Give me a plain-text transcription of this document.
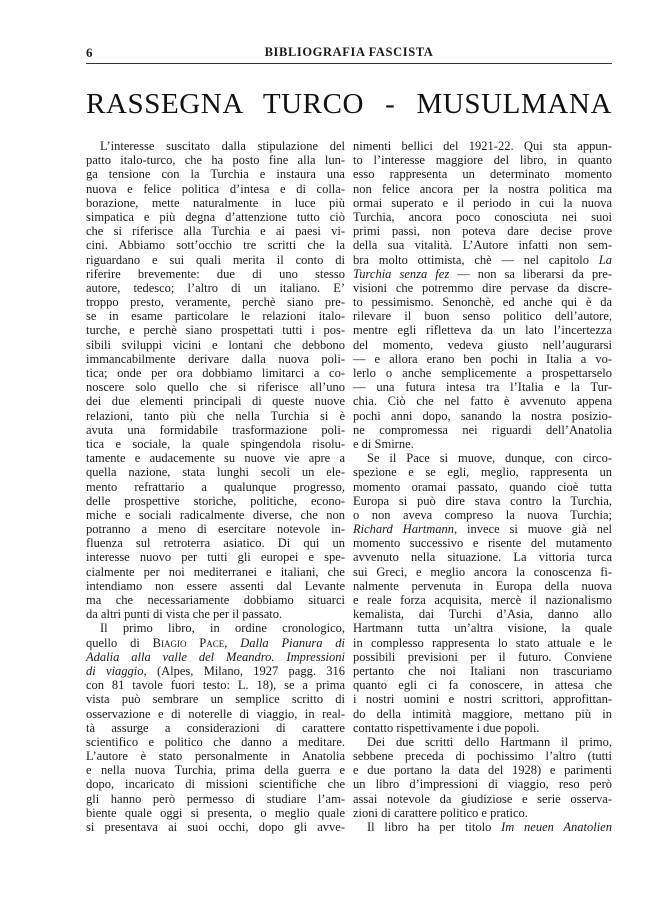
6	BIBLIOGRAFIA FASCISTA
RASSEGNA TURCO - MUSULMANA
L’interesse suscitato dalla stipulazione del
patto italo-turco, che ha posto fine alla lun-
ga tensione con la Turchia e instaura una
nuova e felice politica d’intesa e di colla-
borazione, mette naturalmente in luce più
simpatica e più degna d’attenzione tutto ciò
che si riferisce alla Turchia e ai paesi vi-
cini. Abbiamo sott’occhio tre scritti che la
riguardano e sui quali merita il conto di
riferire brevemente: due di uno stesso
autore, tedesco; l’altro di un italiano. E’
troppo presto, veramente, perchè siano pre-
se in esame particolare le relazioni italo-
turche, e perchè siano prospettati tutti i pos-
sibili sviluppi vicini e lontani che debbono
immancabilmente derivare dalla nuova poli-
tica; onde per ora dobbiamo limitarci a co-
noscere solo quello che si riferisce all’uno
dei due elementi principali di queste nuove
relazioni, tanto più che nella Turchia si è
avuta una formidabile trasformazione poli-
tica e sociale, la quale spingendola risolu-
tamente e audacemente su nuove vie apre a
quella nazione, stata lunghi secoli un ele-
mento refrattario a qualunque progresso,
delle prospettive storiche, politiche, econo-
miche e sociali radicalmente diverse, che non
potranno a meno di esercitare notevole in-
fluenza sul retroterra asiatico. Di qui un
interesse nuovo per tutti gli europei e spe-
cialmente per noi mediterranei e italiani, che
intendiamo non essere assenti dal Levante
ma che necessariamente dobbiamo situarci
da altri punti di vista che per il passato.
Il primo libro, in ordine cronologico,
quello di Biagio Pace, Dalla Pianura di
Adalia alla valle del Meandro. Impressioni
di viaggio, (Alpes, Milano, 1927 pagg. 316
con 81 tavole fuori testo: L. 18), se a prima
vista può sembrare un semplice scritto di
osservazione e di noterelle di viaggio, in real-
tà assurge a considerazioni di carattere
scientifico e politico che danno a meditare.
L’autore è stato personalmente in Anatolia
e nella nuova Turchia, prima della guerra e
dopo, incaricato di missioni scientifiche che
gli hanno però permesso di studiare l’am-
biente quale oggi si presenta, o meglio quale
si presentava ai suoi occhi, dopo gli avve-
nimenti bellici del 1921-22. Qui sta appun-
to l’interesse maggiore del libro, in quanto
esso rappresenta un determinato momento
non felice ancora per la nostra politica ma
ormai superato e il periodo in cui la nuova
Turchia, ancora poco conosciuta nei suoi
primi passi, non poteva dare decise prove
della sua vitalità. L’Autore infatti non sem-
bra molto ottimista, chè — nel capitolo La
Turchia senza fez — non sa liberarsi da pre-
visioni che potremmo dire pervase da discre-
to pessimismo. Senonchè, ed anche qui è da
rilevare il buon senso politico dell’autore,
mentre egli rifletteva da un lato l’incertezza
del momento, vedeva giusto nell’augurarsi
— e allora erano ben pochi in Italia a vo-
lerlo o anche semplicemente a prospettarselo
— una futura intesa tra l’Italia e la Tur-
chia. Ciò che nel fatto è avvenuto appena
pochi anni dopo, sanando la nostra posizio-
ne compromessa nei riguardi dell’Anatolia
e di Smirne.
Se il Pace si muove, dunque, con circo-
spezione e se egli, meglio, rappresenta un
momento oramai passato, quando cioè tutta
Europa si può dire stava contro la Turchia,
o non aveva compreso la nuova Turchia;
Richard Hartmann, invece si muove già nel
momento successivo e risente del mutamento
avvenuto nella situazione. La vittoria turca
sui Greci, e meglio ancora la conoscenza fi-
nalmente pervenuta in Europa della nuova
e reale forza acquisita, mercè il nazionalismo
kemalista, dai Turchi d’Asia, danno allo
Hartmann tutta un’altra visione, la quale
in complesso rappresenta lo stato attuale e le
possibili previsioni per il futuro. Conviene
pertanto che noi Italiani non trascuriamo
quanto egli ci fa conoscere, in attesa che
i nostri uomini e nostri scrittori, approfittan-
do della intimità maggiore, mettano più in
contatto rispettivamente i due popoli.
Dei due scritti dello Hartmann il primo,
sebbene preceda di pochissimo l’altro (tutti
e due portano la data del 1928) e parimenti
un libro d’impressioni di viaggio, reso però
assai notevole da giudiziose e serie osserva-
zioni di carattere politico e pratico.
Il libro ha per titolo Im neuen Anatolien
